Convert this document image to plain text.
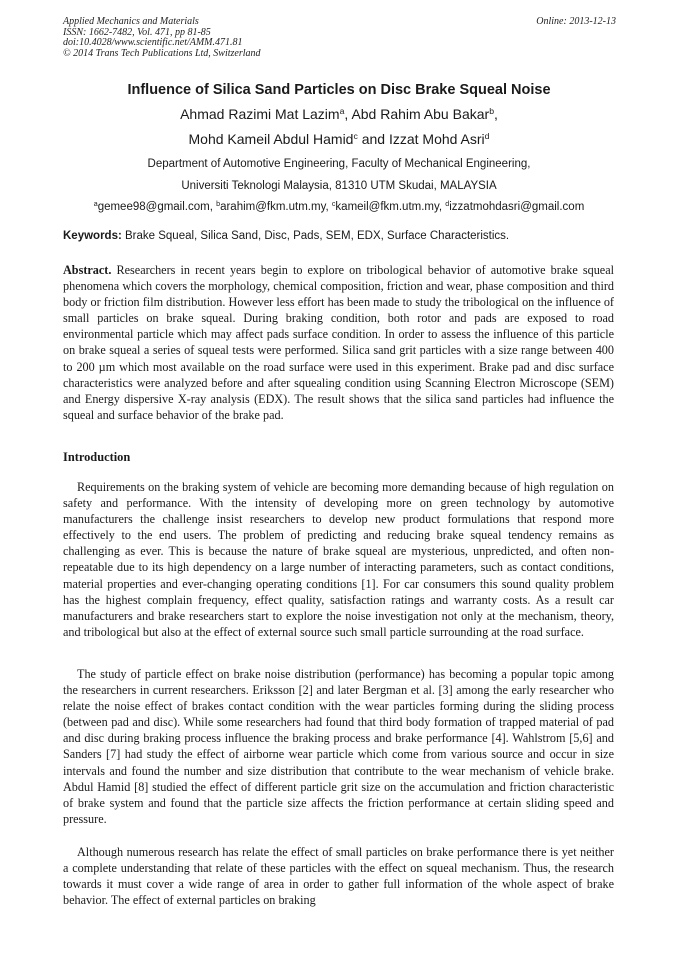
Applied Mechanics and Materials
ISSN: 1662-7482, Vol. 471, pp 81-85
doi:10.4028/www.scientific.net/AMM.471.81
© 2014 Trans Tech Publications Ltd, Switzerland
Online: 2013-12-13
Influence of Silica Sand Particles on Disc Brake Squeal Noise
Ahmad Razimi Mat Lazim$^a$, Abd Rahim Abu Bakar$^b$,
Mohd Kameil Abdul Hamid$^c$ and Izzat Mohd Asri$^d$
Department of Automotive Engineering, Faculty of Mechanical Engineering,
Universiti Teknologi Malaysia, 81310 UTM Skudai, MALAYSIA
$^a$gemee98@gmail.com, $^b$arahim@fkm.utm.my, $^c$kameil@fkm.utm.my, $^d$izzatmohdasri@gmail.com
Keywords: Brake Squeal, Silica Sand, Disc, Pads, SEM, EDX, Surface Characteristics.
Abstract. Researchers in recent years begin to explore on tribological behavior of automotive brake squeal phenomena which covers the morphology, chemical composition, friction and wear, phase composition and third body or friction film distribution. However less effort has been made to study the tribological on the influence of small particles on brake squeal. During braking condition, both rotor and pads are exposed to road environmental particle which may affect pads surface condition. In order to assess the influence of this particle on brake squeal a series of squeal tests were performed. Silica sand grit particles with a size range between 400 to 200 µm which most available on the road surface were used in this experiment. Brake pad and disc surface characteristics were analyzed before and after squealing condition using Scanning Electron Microscope (SEM) and Energy dispersive X-ray analysis (EDX). The result shows that the silica sand particles had influence the squeal and surface behavior of the brake pad.
Introduction
Requirements on the braking system of vehicle are becoming more demanding because of high regulation on safety and performance. With the intensity of developing more on green technology by automotive manufacturers the challenge insist researchers to develop new product formulations that respond more effectively to the end users. The problem of predicting and reducing brake squeal tendency remains as challenging as ever. This is because the nature of brake squeal are mysterious, unpredicted, and often non-repeatable due to its high dependency on a large number of interacting parameters, such as contact conditions, material properties and ever-changing operating conditions [1]. For car consumers this sound quality problem has the highest complain frequency, effect quality, satisfaction ratings and warranty costs. As a result car manufacturers and brake researchers start to explore the noise investigation not only at the mechanism, theory, and tribological but also at the effect of external source such small particle surrounding at the road surface.
The study of particle effect on brake noise distribution (performance) has becoming a popular topic among the researchers in current researchers. Eriksson [2] and later Bergman et al. [3] among the early researcher who relate the noise effect of brakes contact condition with the wear particles forming during the sliding process (between pad and disc). While some researchers had found that third body formation of trapped material of pad and disc during braking process influence the braking process and brake performance [4]. Wahlstrom [5,6] and Sanders [7] had study the effect of airborne wear particle which come from various source and occur in size intervals and found the number and size distribution that contribute to the wear mechanism of vehicle brake. Abdul Hamid [8] studied the effect of different particle grit size on the accumulation and friction characteristic of brake system and found that the particle size affects the friction performance at certain sliding speed and pressure.
Although numerous research has relate the effect of small particles on brake performance there is yet neither a complete understanding that relate of these particles with the effect on squeal mechanism. Thus, the research towards it must cover a wide range of area in order to gather full information of the whole aspect of brake behavior. The effect of external particles on braking
